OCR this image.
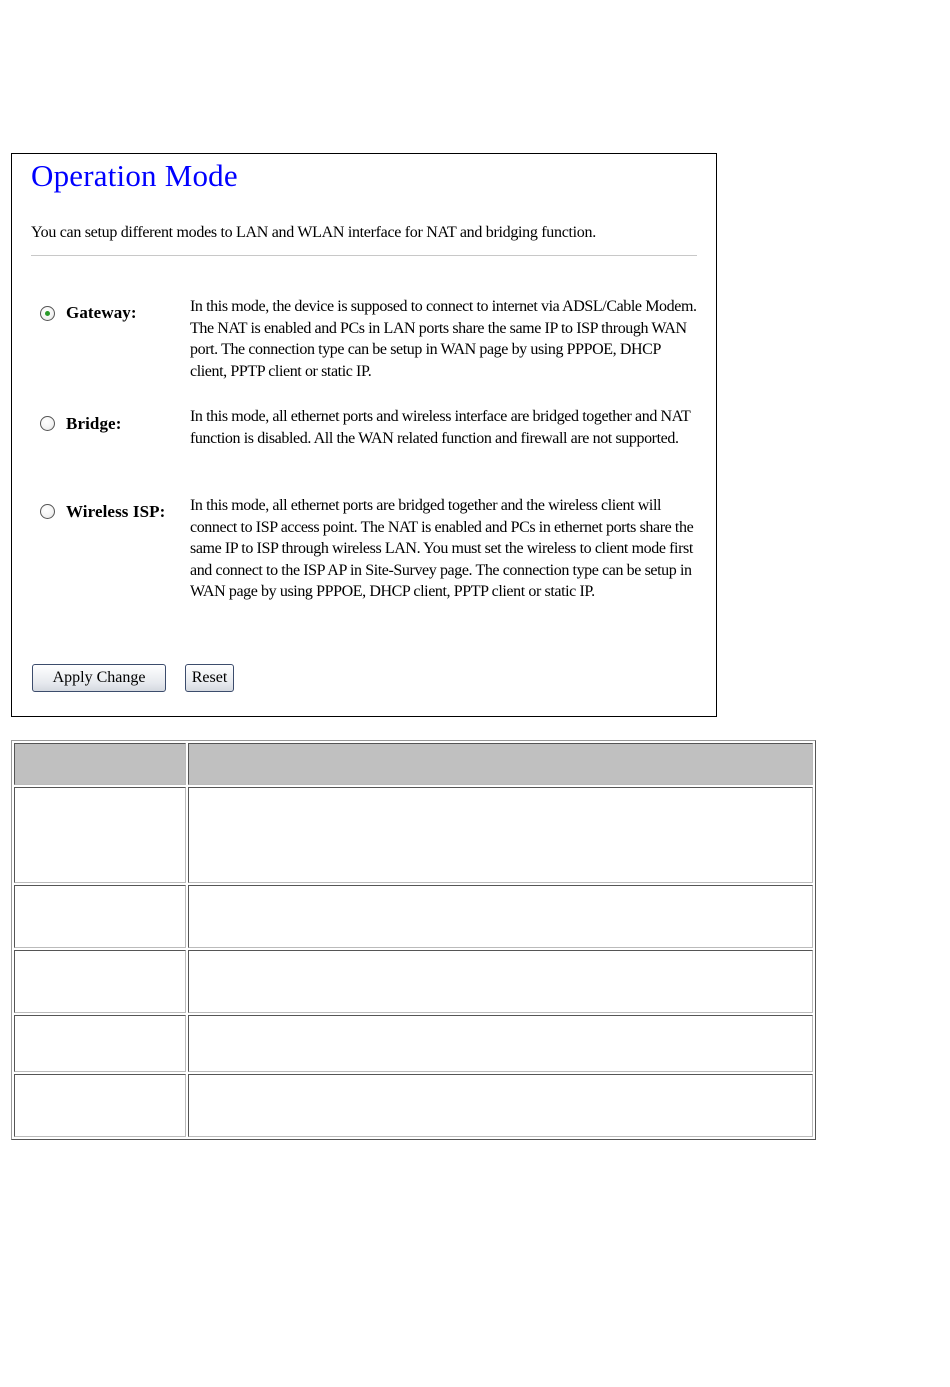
Operation Mode
You can setup different modes to LAN and WLAN interface for NAT and bridging function.
Gateway:	In this mode, the device is supposed to connect to internet via ADSL/Cable Modem. The NAT is enabled and PCs in LAN ports share the same IP to ISP through WAN port. The connection type can be setup in WAN page by using PPPOE, DHCP client, PPTP client or static IP.
Bridge:	In this mode, all ethernet ports and wireless interface are bridged together and NAT function is disabled. All the WAN related function and firewall are not supported.
Wireless ISP: In this mode, all ethernet ports are bridged together and the wireless client will connect to ISP access point. The NAT is enabled and PCs in ethernet ports share the same IP to ISP through wireless LAN. You must set the wireless to client mode first and connect to the ISP AP in Site-Survey page. The connection type can be setup in WAN page by using PPPOE, DHCP client, PPTP client or static IP.
Apply Change	Reset
